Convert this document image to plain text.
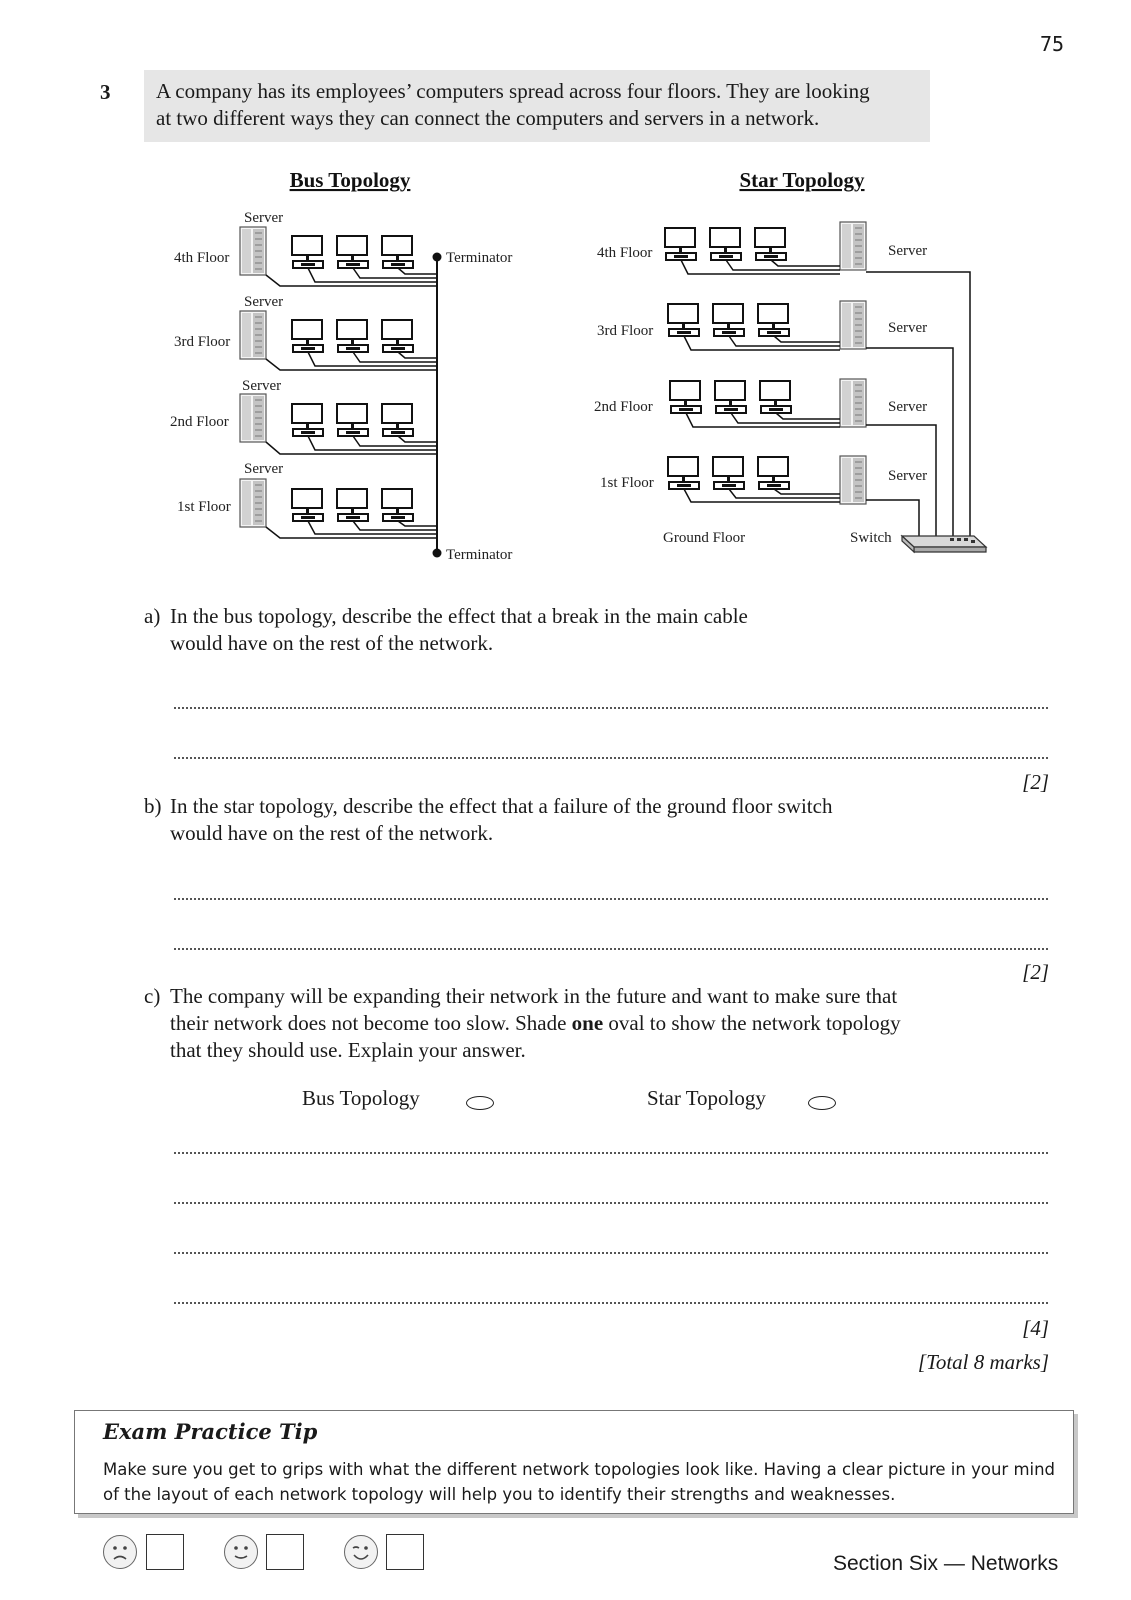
75
3 A company has its employees’ computers spread across four floors. They are looking
at two different ways they can connect the computers and servers in a network.
Bus Topology	Star Topology
Terminator
Terminator
Server
4th Floor
Server
3rd Floor
Server
2nd Floor
Server
1st Floor
4th Floor	Server
3rd Floor	Server
2nd Floor	Server
1st Floor	Server
Ground Floor	Switch
a) In the bus topology, describe the effect that a break in the main cable
would have on the rest of the network.
[2]
b) In the star topology, describe the effect that a failure of the ground floor switch
would have on the rest of the network.
[2]
c) The company will be expanding their network in the future and want to make sure that
their network does not become too slow. Shade one oval to show the network topology
that they should use. Explain your answer.
Bus Topology	Star Topology
[4]
[Total 8 marks]
Exam Practice Tip
Make sure you get to grips with what the different network topologies look like. Having a clear picture in your mind
of the layout of each network topology will help you to identify their strengths and weaknesses.
Section Six — Networks
